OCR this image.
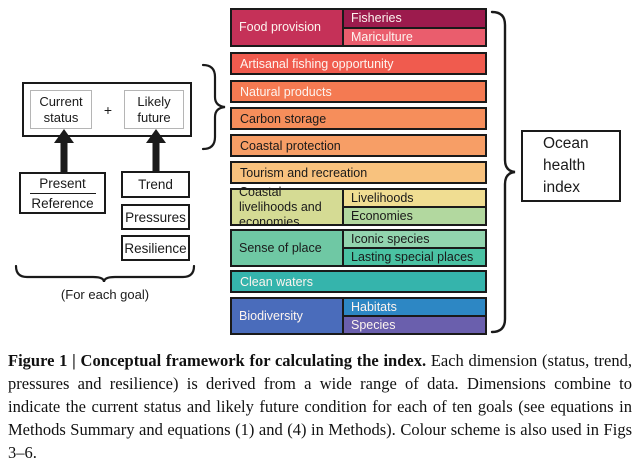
Current status	+
Likely future
$\frac{\text{Present}}{\text{Reference}}$	Trend
Pressures
Resilience
(For each goal)
Food provision
Fisheries
Mariculture
Artisanal fishing opportunity
Natural products
Carbon storage
Coastal protection
Tourism and recreation
Coastal livelihoods and economies
Livelihoods
Economies
Sense of place
Iconic species
Lasting special places
Clean waters
Biodiversity
Habitats
Species
Ocean health index
Figure 1 | Conceptual framework for calculating the index. Each dimension (status, trend, pressures and resilience) is derived from a wide range of data. Dimensions combine to indicate the current status and likely future condition for each of ten goals (see equations in Methods Summary and equations (1) and (4) in Methods). Colour scheme is also used in Figs 3–6.
